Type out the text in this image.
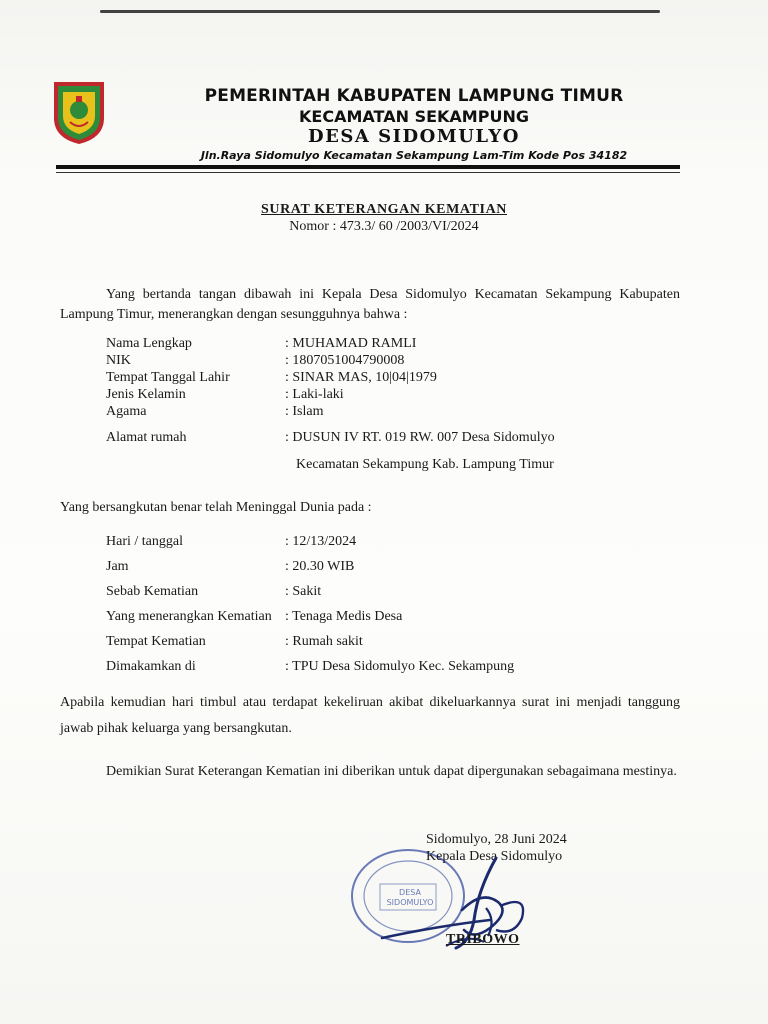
PEMERINTAH KABUPATEN LAMPUNG TIMUR
KECAMATAN SEKAMPUNG
DESA SIDOMULYO
Jln.Raya Sidomulyo Kecamatan Sekampung Lam-Tim Kode Pos 34182
SURAT KETERANGAN KEMATIAN
Nomor : 473.3/ 60 /2003/VI/2024
Yang bertanda tangan dibawah ini Kepala Desa Sidomulyo Kecamatan Sekampung Kabupaten Lampung Timur, menerangkan dengan sesungguhnya bahwa :
Nama Lengkap	: MUHAMAD RAMLI
NIK	: 1807051004790008
Tempat Tanggal Lahir	: SINAR MAS, 10|04|1979
Jenis Kelamin	: Laki-laki
Agama	: Islam
Alamat rumah	: DUSUN IV RT. 019 RW. 007 Desa Sidomulyo
Kecamatan Sekampung Kab. Lampung Timur
Yang bersangkutan benar telah Meninggal Dunia pada :
Hari / tanggal	: 12/13/2024
Jam	: 20.30 WIB
Sebab Kematian	: Sakit
Yang menerangkan Kematian : Tenaga Medis Desa
Tempat Kematian	: Rumah sakit
Dimakamkan di	: TPU Desa Sidomulyo Kec. Sekampung
Apabila kemudian hari timbul atau terdapat kekeliruan akibat dikeluarkannya surat ini menjadi tanggung jawab pihak keluarga yang bersangkutan.
Demikian Surat Keterangan Kematian ini diberikan untuk dapat dipergunakan sebagaimana mestinya.
DESA SIDOMULYO
Sidomulyo, 28 Juni 2024
Kepala Desa Sidomulyo
TRIBOWO
